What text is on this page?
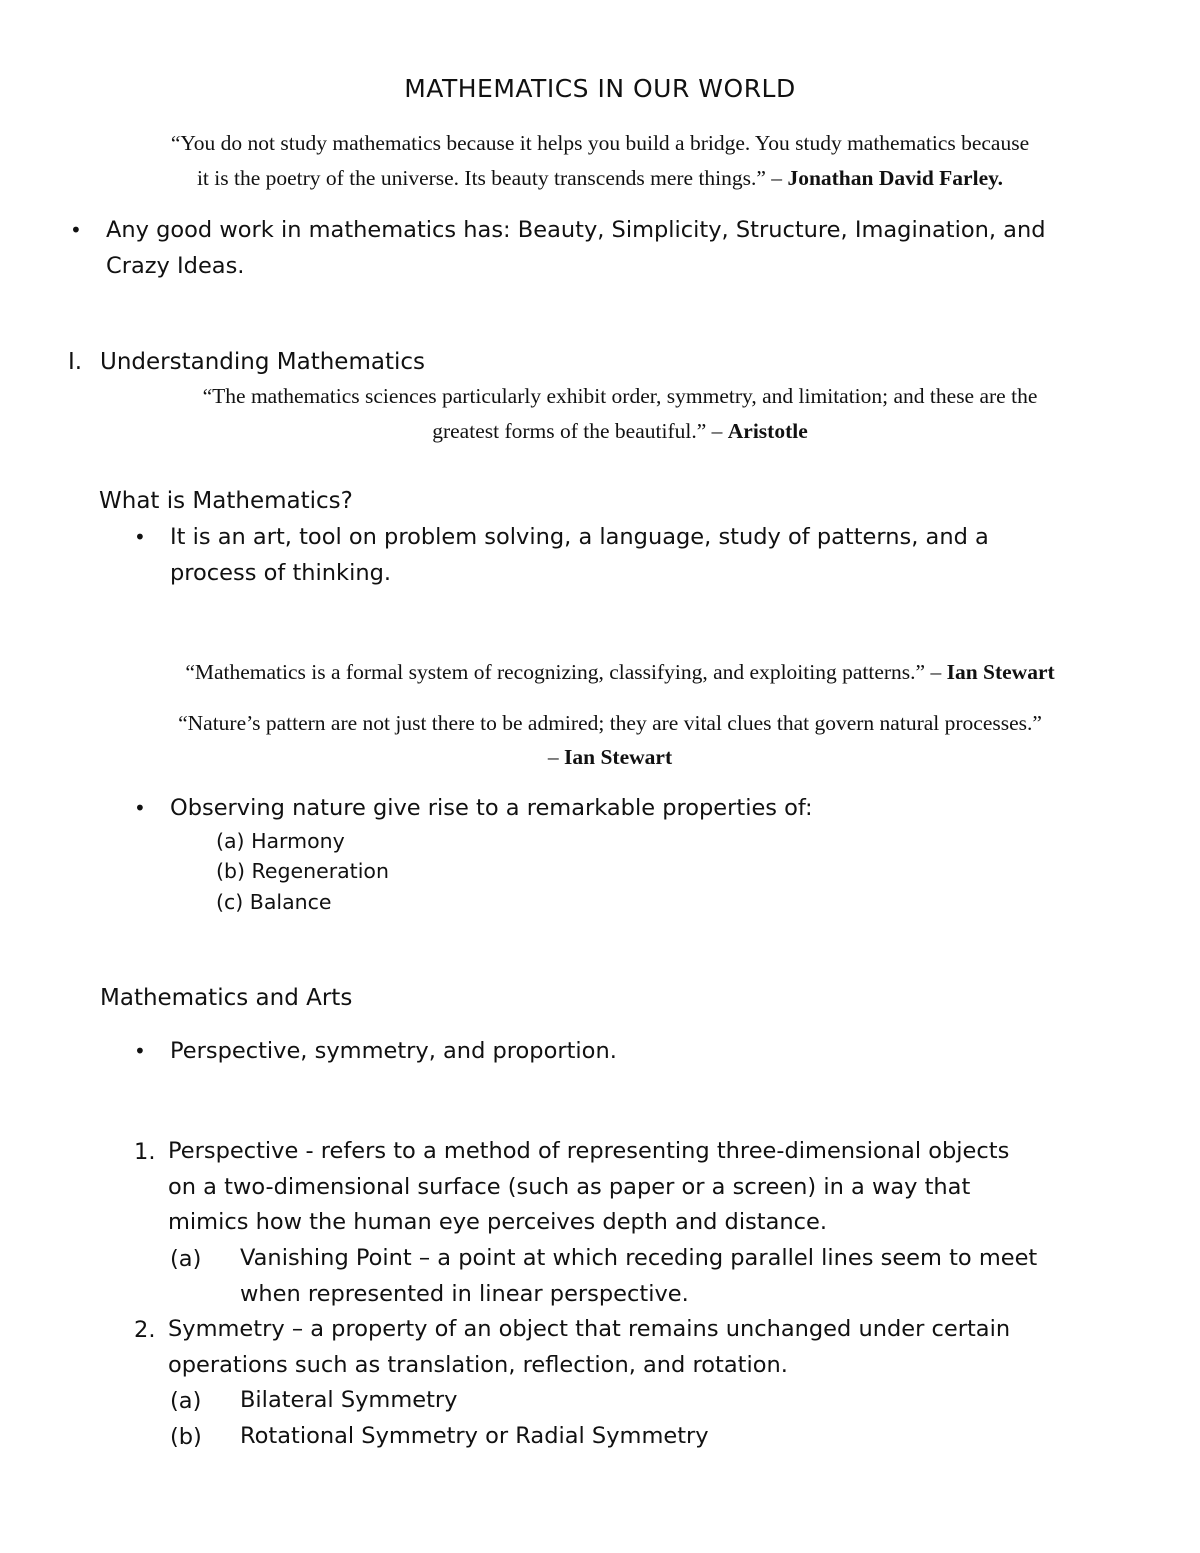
MATHEMATICS IN OUR WORLD
“You do not study mathematics because it helps you build a bridge. You study mathematics because
it is the poetry of the universe. Its beauty transcends mere things.” – Jonathan David Farley.
• Any good work in mathematics has: Beauty, Simplicity, Structure, Imagination, and
Crazy Ideas.
I. Understanding Mathematics
“The mathematics sciences particularly exhibit order, symmetry, and limitation; and these are the
greatest forms of the beautiful.” – Aristotle
What is Mathematics?
• It is an art, tool on problem solving, a language, study of patterns, and a
process of thinking.
“Mathematics is a formal system of recognizing, classifying, and exploiting patterns.” – Ian Stewart
“Nature’s pattern are not just there to be admired; they are vital clues that govern natural processes.”
– Ian Stewart
• Observing nature give rise to a remarkable properties of:
(a) Harmony
(b) Regeneration
(c) Balance
Mathematics and Arts
• Perspective, symmetry, and proportion.
1. Perspective - refers to a method of representing three-dimensional objects
on a two-dimensional surface (such as paper or a screen) in a way that
mimics how the human eye perceives depth and distance.
(a) Vanishing Point – a point at which receding parallel lines seem to meet
when represented in linear perspective.
2. Symmetry – a property of an object that remains unchanged under certain
operations such as translation, reflection, and rotation.
(a) Bilateral Symmetry
(b) Rotational Symmetry or Radial Symmetry
